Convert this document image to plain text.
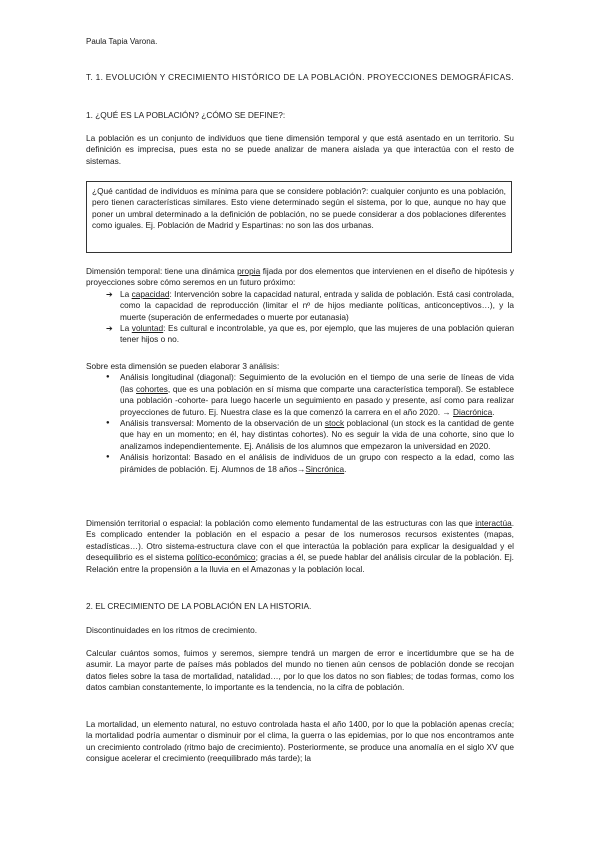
Paula Tapia Varona.

T. 1. EVOLUCIÓN Y CRECIMIENTO HISTÓRICO DE LA POBLACIÓN. PROYECCIONES DEMOGRÁFICAS.

1. ¿QUÉ ES LA POBLACIÓN? ¿CÓMO SE DEFINE?:

La población es un conjunto de individuos que tiene dimensión temporal y que está asentado en un territorio. Su definición es imprecisa, pues esta no se puede analizar de manera aislada ya que interactúa con el resto de sistemas.

¿Qué cantidad de individuos es mínima para que se considere población?: cualquier conjunto es una población, pero tienen características similares. Esto viene determinado según el sistema, por lo que, aunque no hay que poner un umbral determinado a la definición de población, no se puede considerar a dos poblaciones diferentes como iguales. Ej. Población de Madrid y Espartinas: no son las dos urbanas.

Dimensión temporal: tiene una dinámica propia fijada por dos elementos que intervienen en el diseño de hipótesis y proyecciones sobre cómo seremos en un futuro próximo:

➔ La capacidad: Intervención sobre la capacidad natural, entrada y salida de población. Está casi controlada, como la capacidad de reproducción (limitar el nº de hijos mediante políticas, anticonceptivos…), y la muerte (superación de enfermedades o muerte por eutanasia)
➔ La voluntad: Es cultural e incontrolable, ya que es, por ejemplo, que las mujeres de una población quieran tener hijos o no.

Sobre esta dimensión se pueden elaborar 3 análisis:

● Análisis longitudinal (diagonal): Seguimiento de la evolución en el tiempo de una serie de líneas de vida (las cohortes, que es una población en sí misma que comparte una característica temporal). Se establece una población -cohorte- para luego hacerle un seguimiento en pasado y presente, así como para realizar proyecciones de futuro. Ej. Nuestra clase es la que comenzó la carrera en el año 2020. → Diacrónica.
● Análisis transversal: Momento de la observación de un stock poblacional (un stock es la cantidad de gente que hay en un momento; en él, hay distintas cohortes). No es seguir la vida de una cohorte, sino que lo analizamos independientemente. Ej. Análisis de los alumnos que empezaron la universidad en 2020.
● Análisis horizontal: Basado en el análisis de individuos de un grupo con respecto a la edad, como las pirámides de población. Ej. Alumnos de 18 años→Sincrónica.

Dimensión territorial o espacial: la población como elemento fundamental de las estructuras con las que interactúa. Es complicado entender la población en el espacio a pesar de los numerosos recursos existentes (mapas, estadísticas…). Otro sistema-estructura clave con el que interactúa la población para explicar la desigualdad y el desequilibrio es el sistema político-económico; gracias a él, se puede hablar del análisis circular de la población. Ej. Relación entre la propensión a la lluvia en el Amazonas y la población local.

2. EL CRECIMIENTO DE LA POBLACIÓN EN LA HISTORIA.

Discontinuidades en los ritmos de crecimiento.

Calcular cuántos somos, fuimos y seremos, siempre tendrá un margen de error e incertidumbre que se ha de asumir. La mayor parte de países más poblados del mundo no tienen aún censos de población donde se recojan datos fieles sobre la tasa de mortalidad, natalidad…, por lo que los datos no son fiables; de todas formas, como los datos cambian constantemente, lo importante es la tendencia, no la cifra de población.

La mortalidad, un elemento natural, no estuvo controlada hasta el año 1400, por lo que la población apenas crecía; la mortalidad podría aumentar o disminuir por el clima, la guerra o las epidemias, por lo que nos encontramos ante un crecimiento controlado (ritmo bajo de crecimiento). Posteriormente, se produce una anomalía en el siglo XV que consigue acelerar el crecimiento (reequilibrado más tarde); la
